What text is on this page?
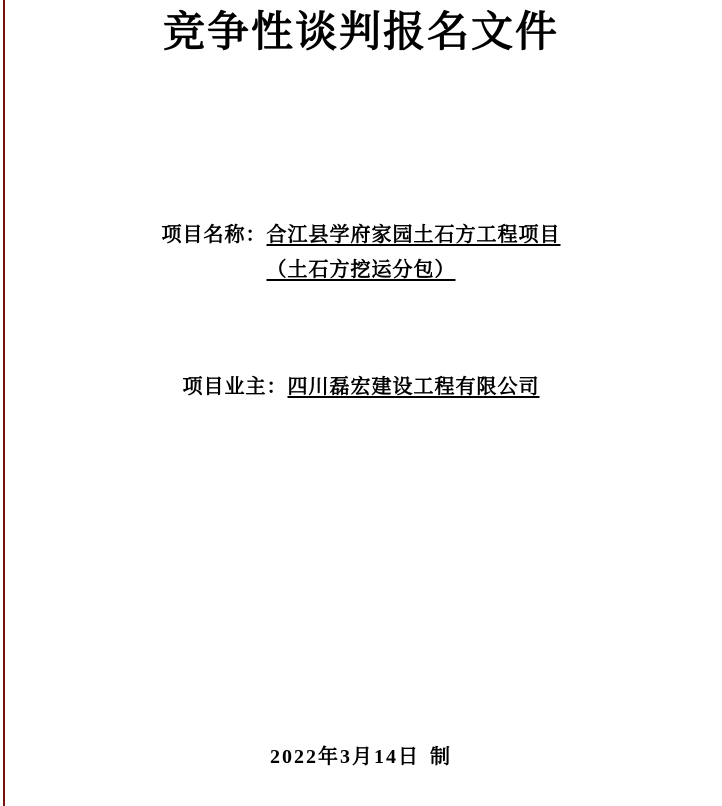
竞争性谈判报名文件
项目名称：合江县学府家园土石方工程项目
（土石方挖运分包）
项目业主：四川磊宏建设工程有限公司
2022年3月14日 制
